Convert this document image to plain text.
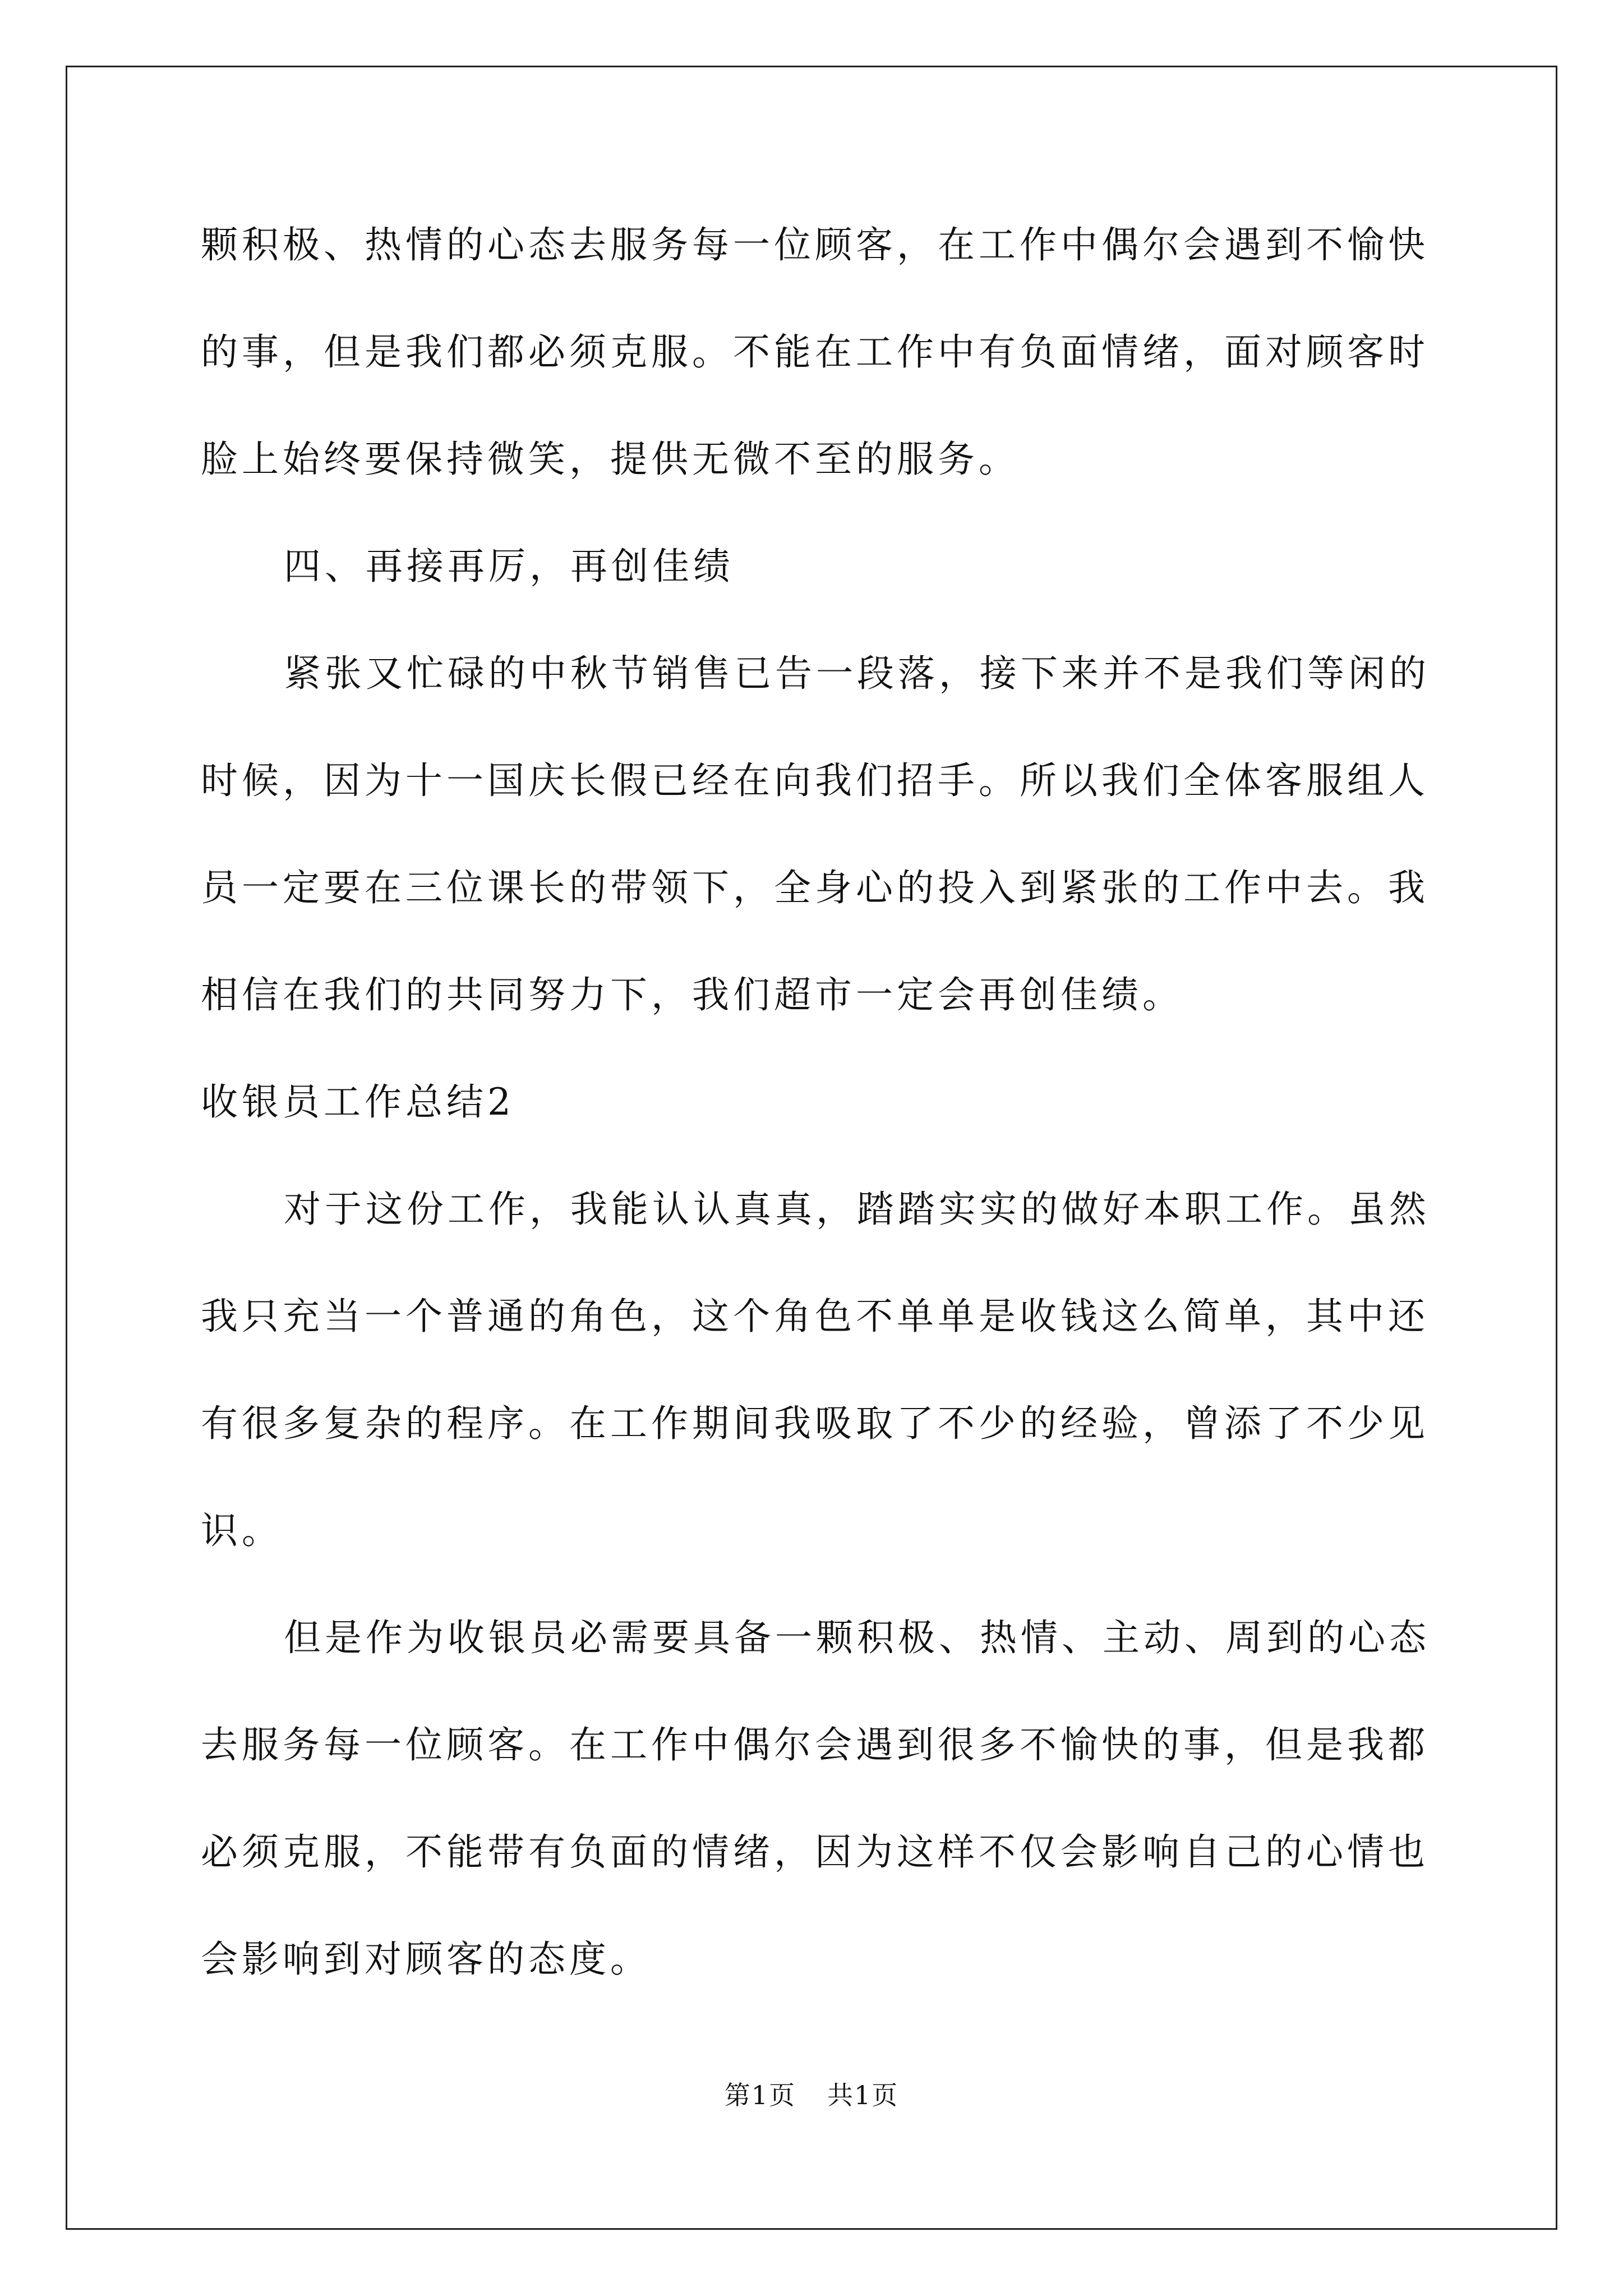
颗积极、热情的心态去服务每一位顾客，在工作中偶尔会遇到不愉快
的事，但是我们都必须克服。不能在工作中有负面情绪，面对顾客时
脸上始终要保持微笑，提供无微不至的服务。
四、再接再厉，再创佳绩
紧张又忙碌的中秋节销售已告一段落，接下来并不是我们等闲的
时候，因为十一国庆长假已经在向我们招手。所以我们全体客服组人
员一定要在三位课长的带领下，全身心的投入到紧张的工作中去。我
相信在我们的共同努力下，我们超市一定会再创佳绩。
收银员工作总结2
对于这份工作，我能认认真真，踏踏实实的做好本职工作。虽然
我只充当一个普通的角色，这个角色不单单是收钱这么简单，其中还
有很多复杂的程序。在工作期间我吸取了不少的经验，曾添了不少见
识。
但是作为收银员必需要具备一颗积极、热情、主动、周到的心态
去服务每一位顾客。在工作中偶尔会遇到很多不愉快的事，但是我都
必须克服，不能带有负面的情绪，因为这样不仅会影响自己的心情也
会影响到对顾客的态度。
第1页 共1页
